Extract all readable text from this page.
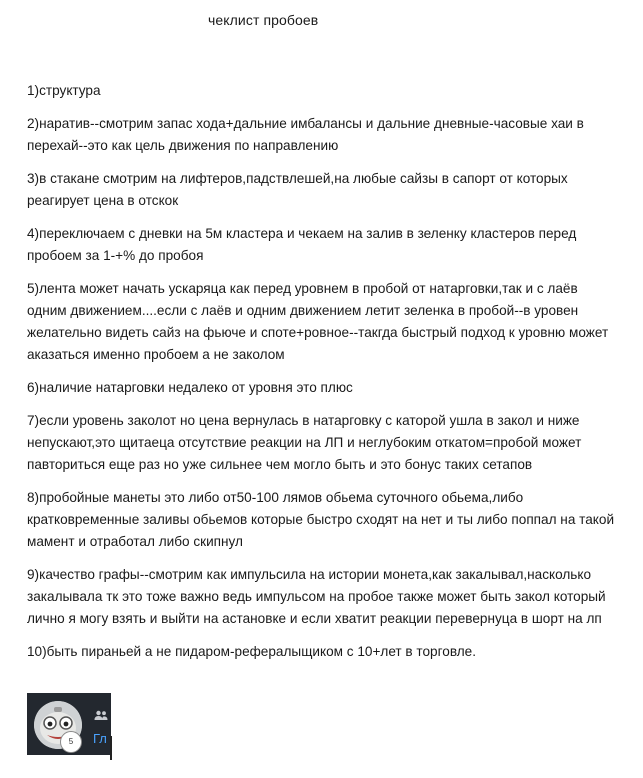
чеклист пробоев

1)структура

2)наратив--смотрим запас хода+дальние имбалансы и дальние дневные-часовые хаи в перехай--это как цель движения по направлению

3)в стакане смотрим на лифтеров,падствлешей,на любые сайзы в сапорт от которых реагирует цена в отскок

4)переключаем с дневки на 5м кластера и чекаем на залив в зеленку кластеров перед пробоем за 1-+% до пробоя

5)лента может начать ускаряца как перед уровнем в пробой от натарговки,так и с лаёв одним движением....если с лаёв и одним движением летит зеленка в пробой--в уровен желательно видеть сайз на фьюче и споте+ровное--такгда быстрый подход к уровню может аказаться именно пробоем а не заколом

6)наличие натарговки недалеко от уровня это плюс

7)если уровень заколот но цена вернулась в натарговку с каторой ушла в закол и ниже непускают,это щитаеца отсутствие реакции на ЛП и неглубоким откатом=пробой может павториться еще раз но уже сильнее чем могло быть и это бонус таких сетапов

8)пробойные манеты это либо от50-100 лямов обьема суточного обьема,либо кратковременные заливы обьемов которые быстро сходят на нет и ты либо поппал на такой мамент и отработал либо скипнул

9)качество графы--смотрим как импульсила на истории монета,как закалывал,насколько закалывала тк это тоже важно ведь импульсом на пробое также может быть закол который лично я могу взять и выйти на астановке и если хватит реакции перевернуца в шорт на лп

10)быть пираньей а не пидаром-рефералыщиком с 10+лет в торговле.

5	Гл
